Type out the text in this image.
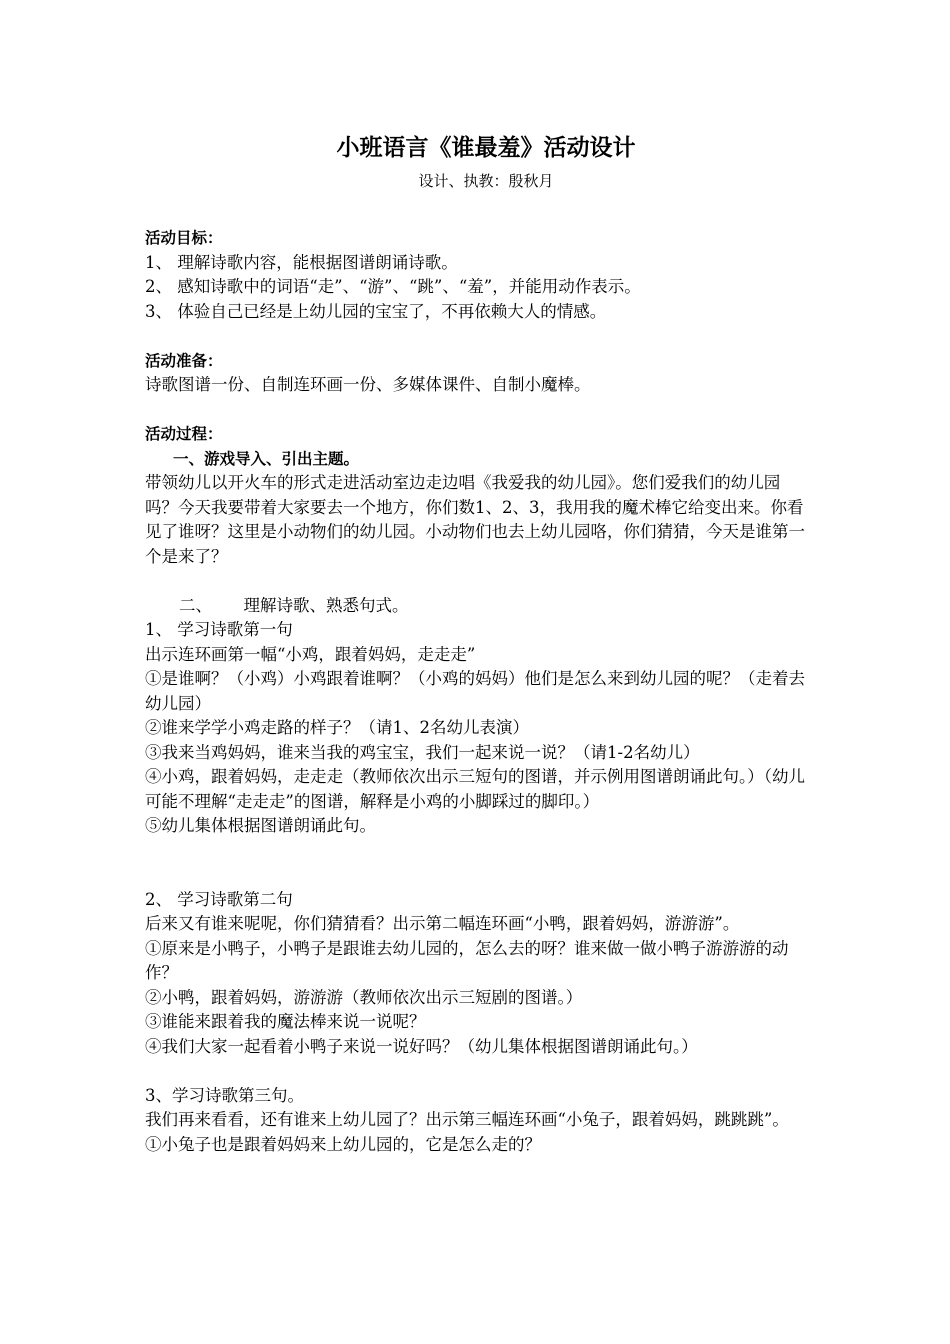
小班语言《谁最羞》活动设计

设计、执教：殷秋月

活动目标：

1、 理解诗歌内容，能根据图谱朗诵诗歌。

2、 感知诗歌中的词语“走”、“游”、“跳”、“羞”，并能用动作表示。

3、 体验自己已经是上幼儿园的宝宝了，不再依赖大人的情感。

活动准备：

诗歌图谱一份、自制连环画一份、多媒体课件、自制小魔棒。

活动过程：

一、游戏导入、引出主题。

带领幼儿以开火车的形式走进活动室边走边唱《我爱我的幼儿园》。您们爱我们的幼儿园吗？今天我要带着大家要去一个地方，你们数1、2、3，我用我的魔术棒它给变出来。你看见了谁呀？这里是小动物们的幼儿园。小动物们也去上幼儿园咯，你们猜猜，今天是谁第一个是来了？

二、      理解诗歌、熟悉句式。

1、 学习诗歌第一句

出示连环画第一幅“小鸡，跟着妈妈，走走走”

①是谁啊？（小鸡）小鸡跟着谁啊？（小鸡的妈妈）他们是怎么来到幼儿园的呢？（走着去幼儿园）

②谁来学学小鸡走路的样子？（请1、2名幼儿表演）

③我来当鸡妈妈，谁来当我的鸡宝宝，我们一起来说一说？（请1-2名幼儿）

④小鸡，跟着妈妈，走走走（教师依次出示三短句的图谱，并示例用图谱朗诵此句。）（幼儿可能不理解“走走走”的图谱，解释是小鸡的小脚踩过的脚印。）

⑤幼儿集体根据图谱朗诵此句。

2、 学习诗歌第二句

后来又有谁来呢呢，你们猜猜看？出示第二幅连环画“小鸭，跟着妈妈，游游游”。

①原来是小鸭子，小鸭子是跟谁去幼儿园的，怎么去的呀？谁来做一做小鸭子游游游的动作？

②小鸭，跟着妈妈，游游游（教师依次出示三短剧的图谱。）

③谁能来跟着我的魔法棒来说一说呢？

④我们大家一起看着小鸭子来说一说好吗？（幼儿集体根据图谱朗诵此句。）

3、学习诗歌第三句。

我们再来看看，还有谁来上幼儿园了？出示第三幅连环画“小兔子，跟着妈妈，跳跳跳”。

①小兔子也是跟着妈妈来上幼儿园的，它是怎么走的？
